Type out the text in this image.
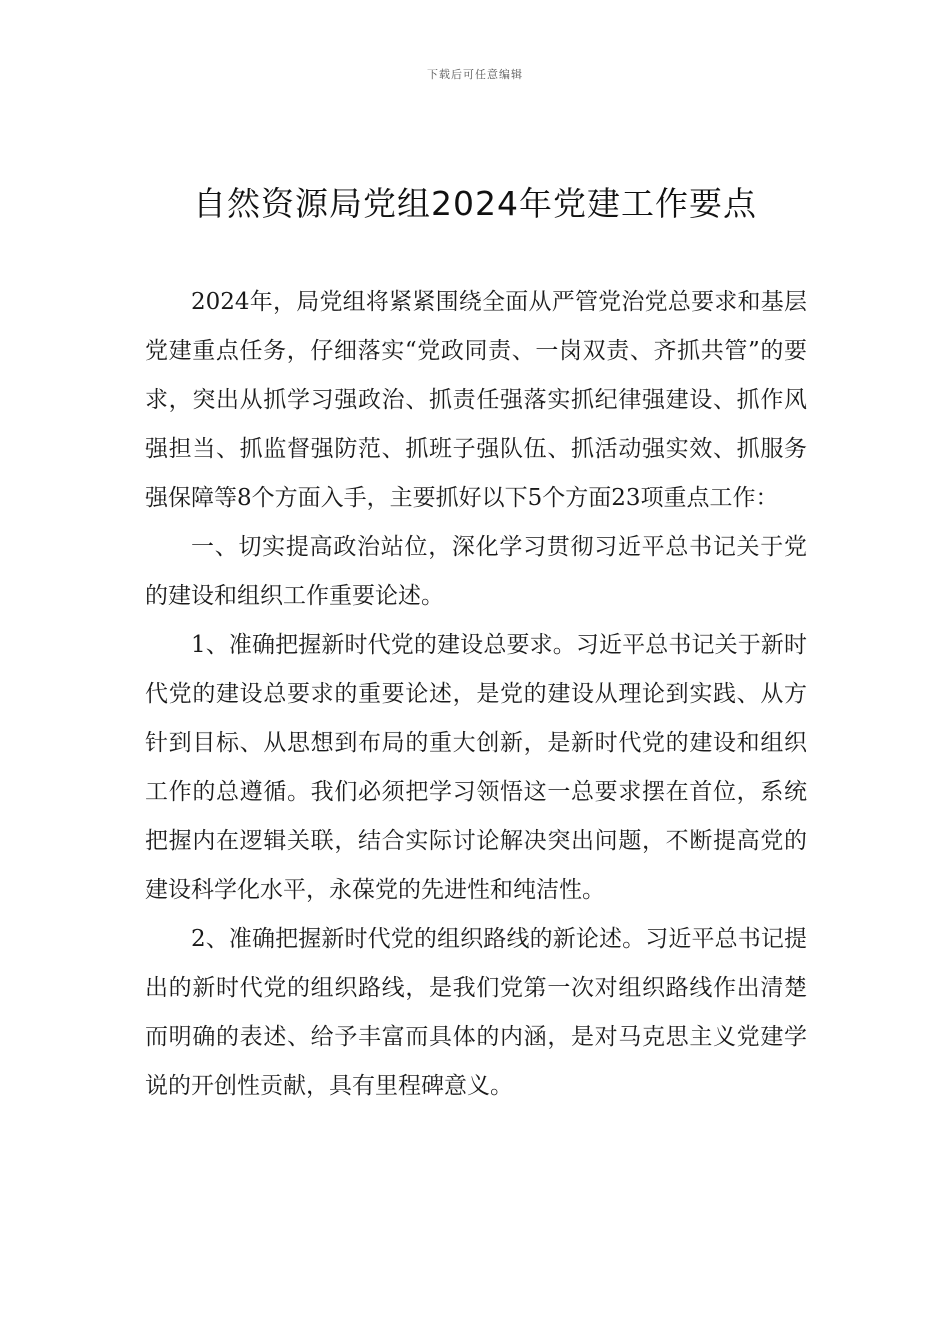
下载后可任意编辑
自然资源局党组2024年党建工作要点

2024年，局党组将紧紧围绕全面从严管党治党总要求和基层党建重点任务，仔细落实“党政同责、一岗双责、齐抓共管”的要求，突出从抓学习强政治、抓责任强落实抓纪律强建设、抓作风强担当、抓监督强防范、抓班子强队伍、抓活动强实效、抓服务强保障等8个方面入手，主要抓好以下5个方面23项重点工作：

一、切实提高政治站位，深化学习贯彻习近平总书记关于党的建设和组织工作重要论述。

1、准确把握新时代党的建设总要求。习近平总书记关于新时代党的建设总要求的重要论述，是党的建设从理论到实践、从方针到目标、从思想到布局的重大创新，是新时代党的建设和组织工作的总遵循。我们必须把学习领悟这一总要求摆在首位，系统把握内在逻辑关联，结合实际讨论解决突出问题，不断提高党的建设科学化水平，永葆党的先进性和纯洁性。

2、准确把握新时代党的组织路线的新论述。习近平总书记提出的新时代党的组织路线，是我们党第一次对组织路线作出清楚而明确的表述、给予丰富而具体的内涵，是对马克思主义党建学说的开创性贡献，具有里程碑意义。
